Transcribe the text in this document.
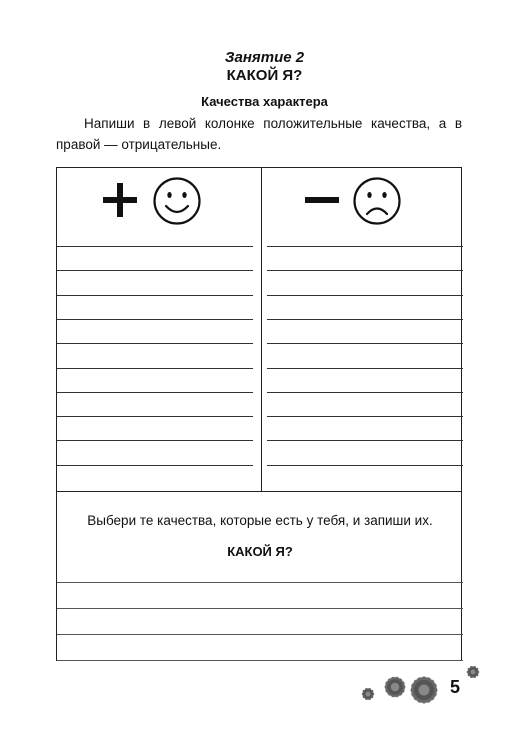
Занятие 2
КАКОЙ Я?
Качества характера
Напиши в левой колонке положительные качества, а в правой — отрицательные.
Выбери те качества, которые есть у тебя, и запиши их.
КАКОЙ Я?
5
